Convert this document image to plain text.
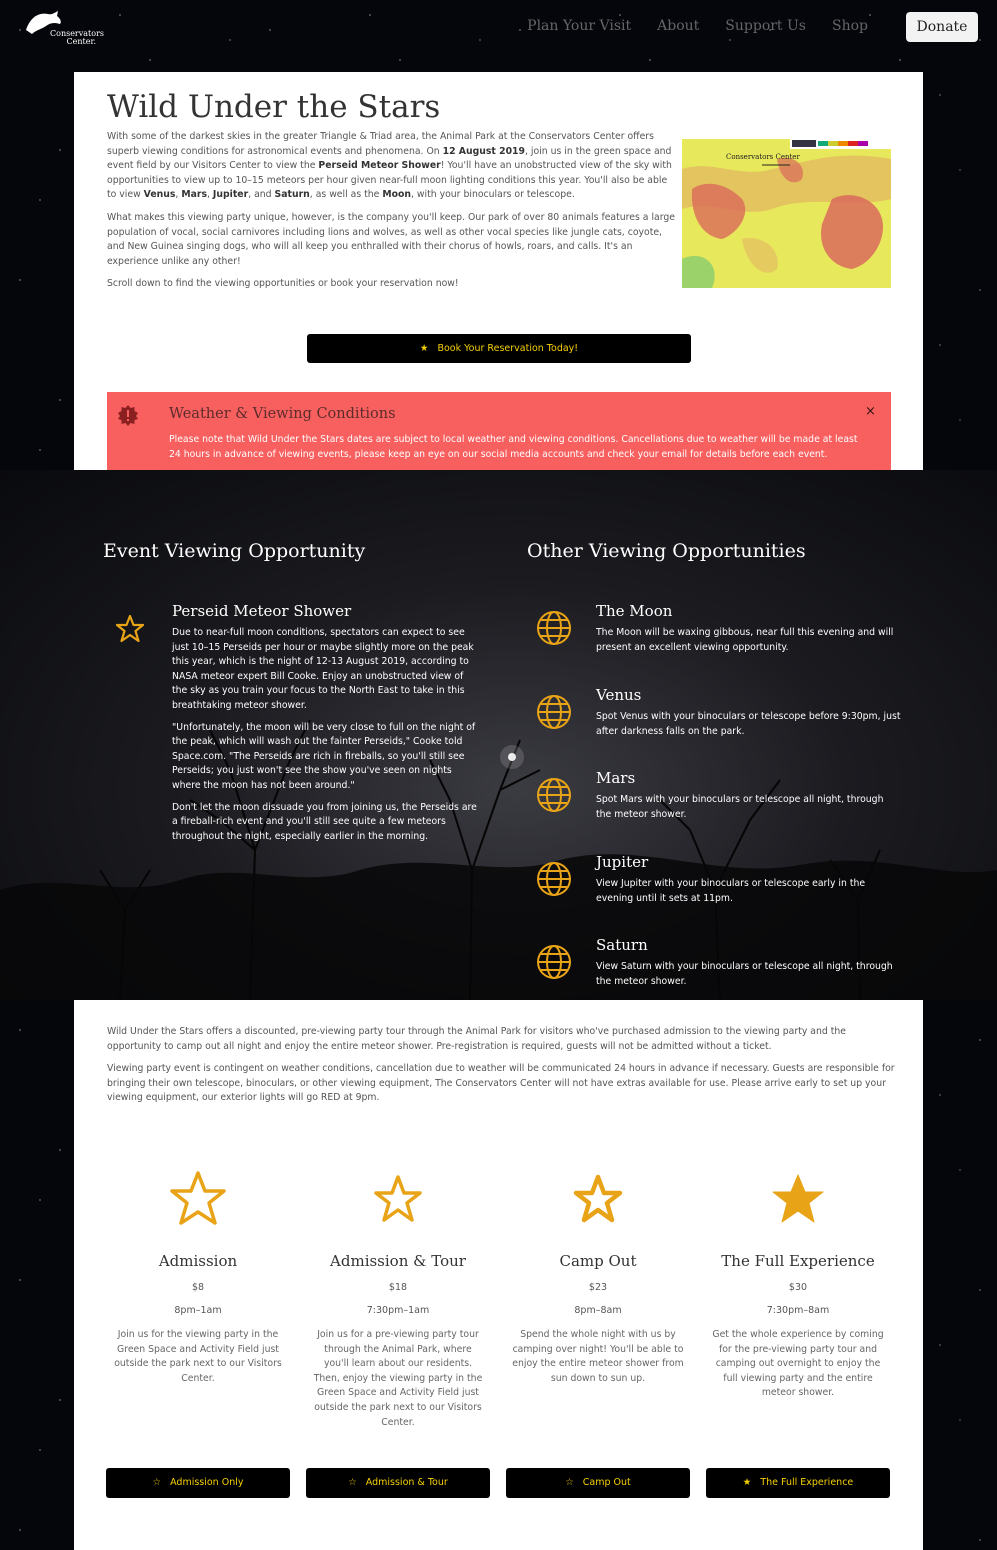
Conservators Center.
Plan Your Visit About Support Us Shop	Donate
Wild Under the Stars

With some of the darkest skies in the greater Triangle & Triad area, the Animal Park at the Conservators Center offers superb viewing conditions for astronomical events and phenomena. On 12 August 2019, join us in the green space and event field by our Visitors Center to view the Perseid Meteor Shower! You'll have an unobstructed view of the sky with opportunities to view up to 10–15 meteors per hour given near-full moon lighting conditions this year. You'll also be able to view Venus, Mars, Jupiter, and Saturn, as well as the Moon, with your binoculars or telescope.

What makes this viewing party unique, however, is the company you'll keep. Our park of over 80 animals features a large population of vocal, social carnivores including lions and wolves, as well as other vocal species like jungle cats, coyote, and New Guinea singing dogs, who will all keep you enthralled with their chorus of howls, roars, and calls. It's an experience unlike any other!

Scroll down to find the viewing opportunities or book your reservation now!

Conservators Center
★ Book Your Reservation Today!
Weather & Viewing Conditions
Please note that Wild Under the Stars dates are subject to local weather and viewing conditions. Cancellations due to weather will be made at least 24 hours in advance of viewing events, please keep an eye on our social media accounts and check your email for details before each event.
×
Event Viewing Opportunity	Other Viewing Opportunities
Perseid Meteor Shower

Due to near-full moon conditions, spectators can expect to see just 10–15 Perseids per hour or maybe slightly more on the peak this year, which is the night of 12-13 August 2019, according to NASA meteor expert Bill Cooke. Enjoy an unobstructed view of the sky as you train your focus to the North East to take in this breathtaking meteor shower.

"Unfortunately, the moon will be very close to full on the night of the peak, which will wash out the fainter Perseids," Cooke told Space.com. "The Perseids are rich in fireballs, so you'll still see Perseids; you just won't see the show you've seen on nights where the moon has not been around."

Don't let the moon dissuade you from joining us, the Perseids are a fireball-rich event and you'll still see quite a few meteors throughout the night, especially earlier in the morning.

The Moon
The Moon will be waxing gibbous, near full this evening and will present an excellent viewing opportunity.
Venus
Spot Venus with your binoculars or telescope before 9:30pm, just after darkness falls on the park.
Mars
Spot Mars with your binoculars or telescope all night, through the meteor shower.
Jupiter
View Jupiter with your binoculars or telescope early in the evening until it sets at 11pm.
Saturn
View Saturn with your binoculars or telescope all night, through the meteor shower.

Wild Under the Stars offers a discounted, pre-viewing party tour through the Animal Park for visitors who've purchased admission to the viewing party and the opportunity to camp out all night and enjoy the entire meteor shower. Pre-registration is required, guests will not be admitted without a ticket.

Viewing party event is contingent on weather conditions, cancellation due to weather will be communicated 24 hours in advance if necessary. Guests are responsible for bringing their own telescope, binoculars, or other viewing equipment, The Conservators Center will not have extras available for use. Please arrive early to set up your viewing equipment, our exterior lights will go RED at 9pm.

Admission
$8
8pm–1am
Join us for the viewing party in the Green Space and Activity Field just outside the park next to our Visitors Center.
Admission & Tour
$18
7:30pm–1am
Join us for a pre-viewing party tour through the Animal Park, where you'll learn about our residents. Then, enjoy the viewing party in the Green Space and Activity Field just outside the park next to our Visitors Center.
Camp Out
$23
8pm–8am
Spend the whole night with us by camping over night! You'll be able to enjoy the entire meteor shower from sun down to sun up.
The Full Experience
$30
7:30pm–8am
Get the whole experience by coming for the pre-viewing party tour and camping out overnight to enjoy the full viewing party and the entire meteor shower.
☆ Admission Only	☆ Admission & Tour	☆ Camp Out	★ The Full Experience
